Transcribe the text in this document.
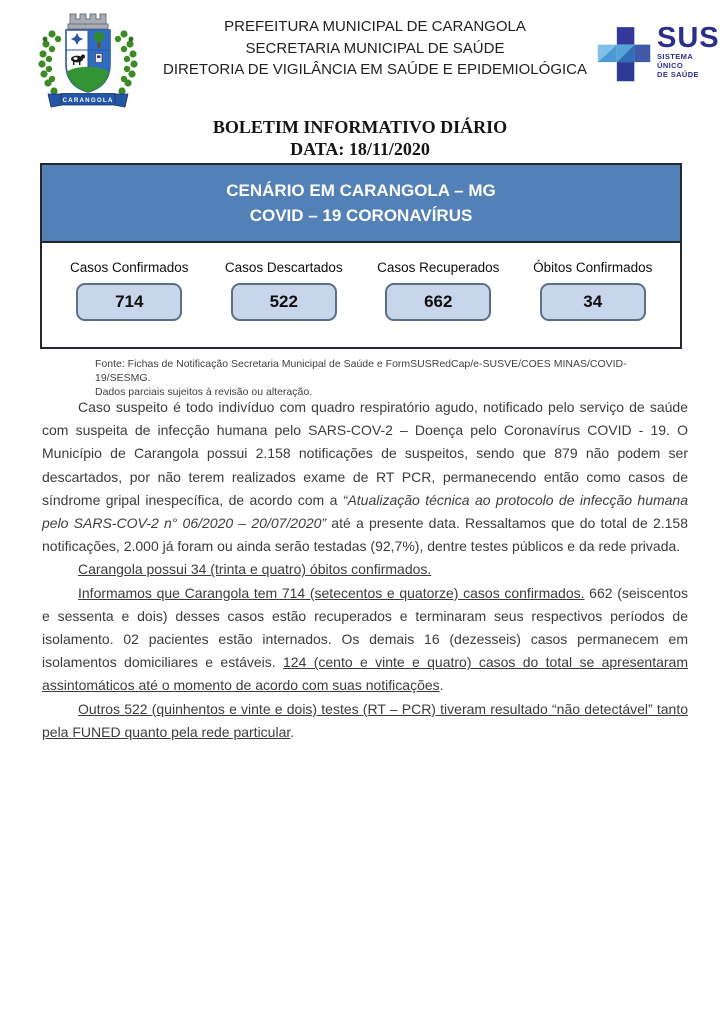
CARANGOLA
PREFEITURA MUNICIPAL DE CARANGOLA
SECRETARIA MUNICIPAL DE SAÚDE
DIRETORIA DE VIGILÂNCIA EM SAÚDE E EPIDEMIOLÓGICA
SUS
SISTEMA
ÚNICO
DE SAÚDE
BOLETIM INFORMATIVO DIÁRIO
DATA: 18/11/2020
CENÁRIO EM CARANGOLA – MG
COVID – 19 CORONAVÍRUS
Casos Confirmados
714
Casos Descartados
522
Casos Recuperados
662
Óbitos Confirmados
34
Fonte: Fichas de Notificação Secretaria Municipal de Saúde e FormSUSRedCap/e-SUSVE/COES MINAS/COVID-19/SESMG.
Dados parciais sujeitos à revisão ou alteração.

Caso suspeito é todo indivíduo com quadro respiratório agudo, notificado pelo serviço de saúde com suspeita de infecção humana pelo SARS-COV-2 – Doença pelo Coronavírus COVID - 19. O Município de Carangola possui 2.158 notificações de suspeitos, sendo que 879 não podem ser descartados, por não terem realizados exame de RT PCR, permanecendo então como casos de síndrome gripal inespecífica, de acordo com a “Atualização técnica ao protocolo de infecção humana pelo SARS-COV-2 n° 06/2020 – 20/07/2020” até a presente data. Ressaltamos que do total de 2.158 notificações, 2.000 já foram ou ainda serão testadas (92,7%), dentre testes públicos e da rede privada.

Carangola possui 34 (trinta e quatro) óbitos confirmados.

Informamos que Carangola tem 714 (setecentos e quatorze) casos confirmados. 662 (seiscentos e sessenta e dois) desses casos estão recuperados e terminaram seus respectivos períodos de isolamento. 02 pacientes estão internados. Os demais 16 (dezesseis) casos permanecem em isolamentos domiciliares e estáveis. 124 (cento e vinte e quatro) casos do total se apresentaram assintomáticos até o momento de acordo com suas notificações.

Outros 522 (quinhentos e vinte e dois) testes (RT – PCR) tiveram resultado “não detectável” tanto pela FUNED quanto pela rede particular.
